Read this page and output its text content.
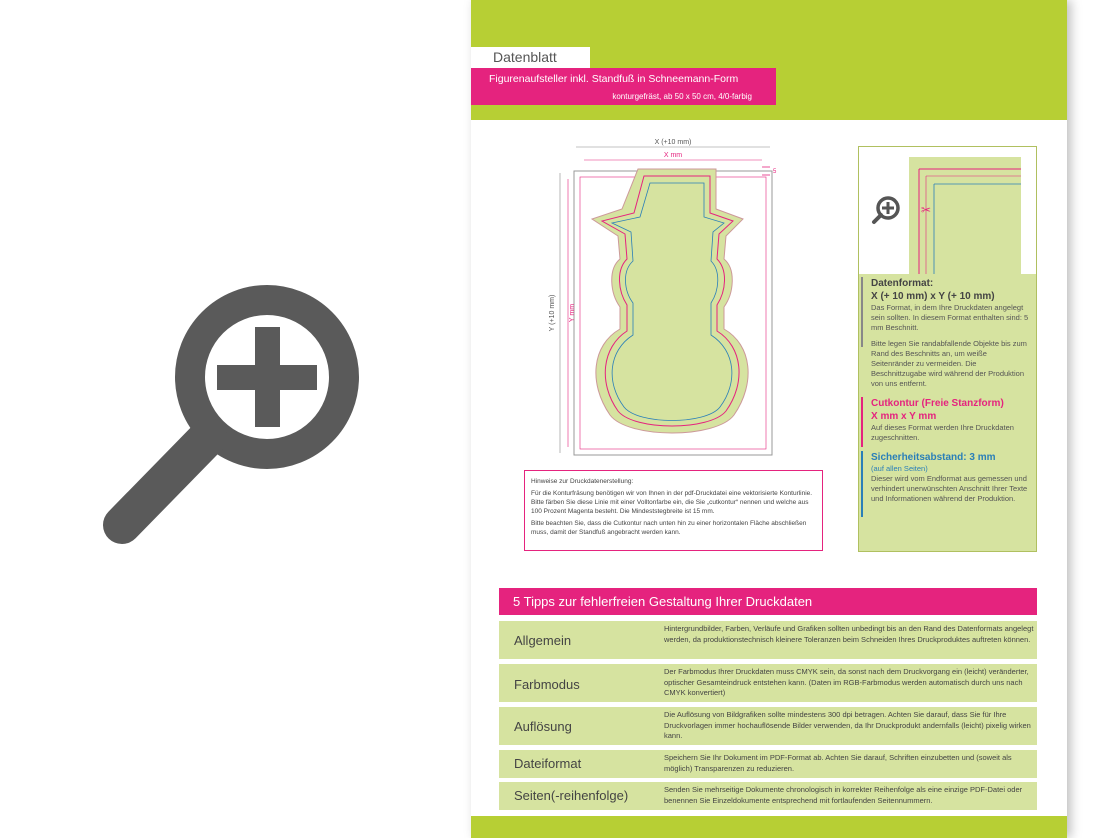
Datenblatt
Figurenaufsteller inkl. Standfuß in Schneemann-Form
konturgefräst, ab 50 x 50 cm, 4/0-farbig
X (+10 mm)
X mm
Y (+10 mm) Y mm
5

Hinweise zur Druckdatenerstellung:

Für die Konturfräsung benötigen wir von Ihnen in der pdf-Druckdatei eine vektorisierte Konturlinie. Bitte färben Sie diese Linie mit einer Volltonfarbe ein, die Sie „cutkontur“ nennen und welche aus 100 Prozent Magenta besteht. Die Mindeststegbreite ist 15 mm.

Bitte beachten Sie, dass die Cutkontur nach unten hin zu einer horizontalen Fläche abschließen muss, damit der Standfuß angebracht werden kann.

✂
Datenformat:
X (+ 10 mm) x Y (+ 10 mm)
Das Format, in dem Ihre Druckdaten angelegt sein sollten. In diesem Format enthalten sind: 5 mm Beschnitt.
Bitte legen Sie randabfallende Objekte bis zum Rand des Beschnitts an, um weiße Seitenränder zu vermeiden. Die Beschnittzugabe wird während der Produktion von uns entfernt.
Cutkontur (Freie Stanzform)
X mm x Y mm
Auf dieses Format werden Ihre Druckdaten zugeschnitten.
Sicherheitsabstand: 3 mm
(auf allen Seiten)
Dieser wird vom Endformat aus gemessen und verhindert unerwünschten Anschnitt Ihrer Texte und Informationen während der Produktion.
5 Tipps zur fehlerfreien Gestaltung Ihrer Druckdaten
Allgemein
Hintergrundbilder, Farben, Verläufe und Grafiken sollten unbedingt bis an den Rand des Datenformats angelegt werden, da produktionstechnisch kleinere Toleranzen beim Schneiden Ihres Druckproduktes auftreten können.
Farbmodus
Der Farbmodus Ihrer Druckdaten muss CMYK sein, da sonst nach dem Druckvorgang ein (leicht) veränderter, optischer Gesamteindruck entstehen kann. (Daten im RGB-Farbmodus werden automatisch durch uns nach CMYK konvertiert)
Auflösung
Die Auflösung von Bildgrafiken sollte mindestens 300 dpi betragen. Achten Sie darauf, dass Sie für Ihre Druckvorlagen immer hochauflösende Bilder verwenden, da Ihr Druckprodukt andernfalls (leicht) pixelig wirken kann.
Dateiformat	Speichern Sie Ihr Dokument im PDF-Format ab. Achten Sie darauf, Schriften einzubetten und (soweit als möglich) Transparenzen zu reduzieren.
Seiten(-reihenfolge)	Senden Sie mehrseitige Dokumente chronologisch in korrekter Reihenfolge als eine einzige PDF-Datei oder benennen Sie Einzeldokumente entsprechend mit fortlaufenden Seitennummern.
